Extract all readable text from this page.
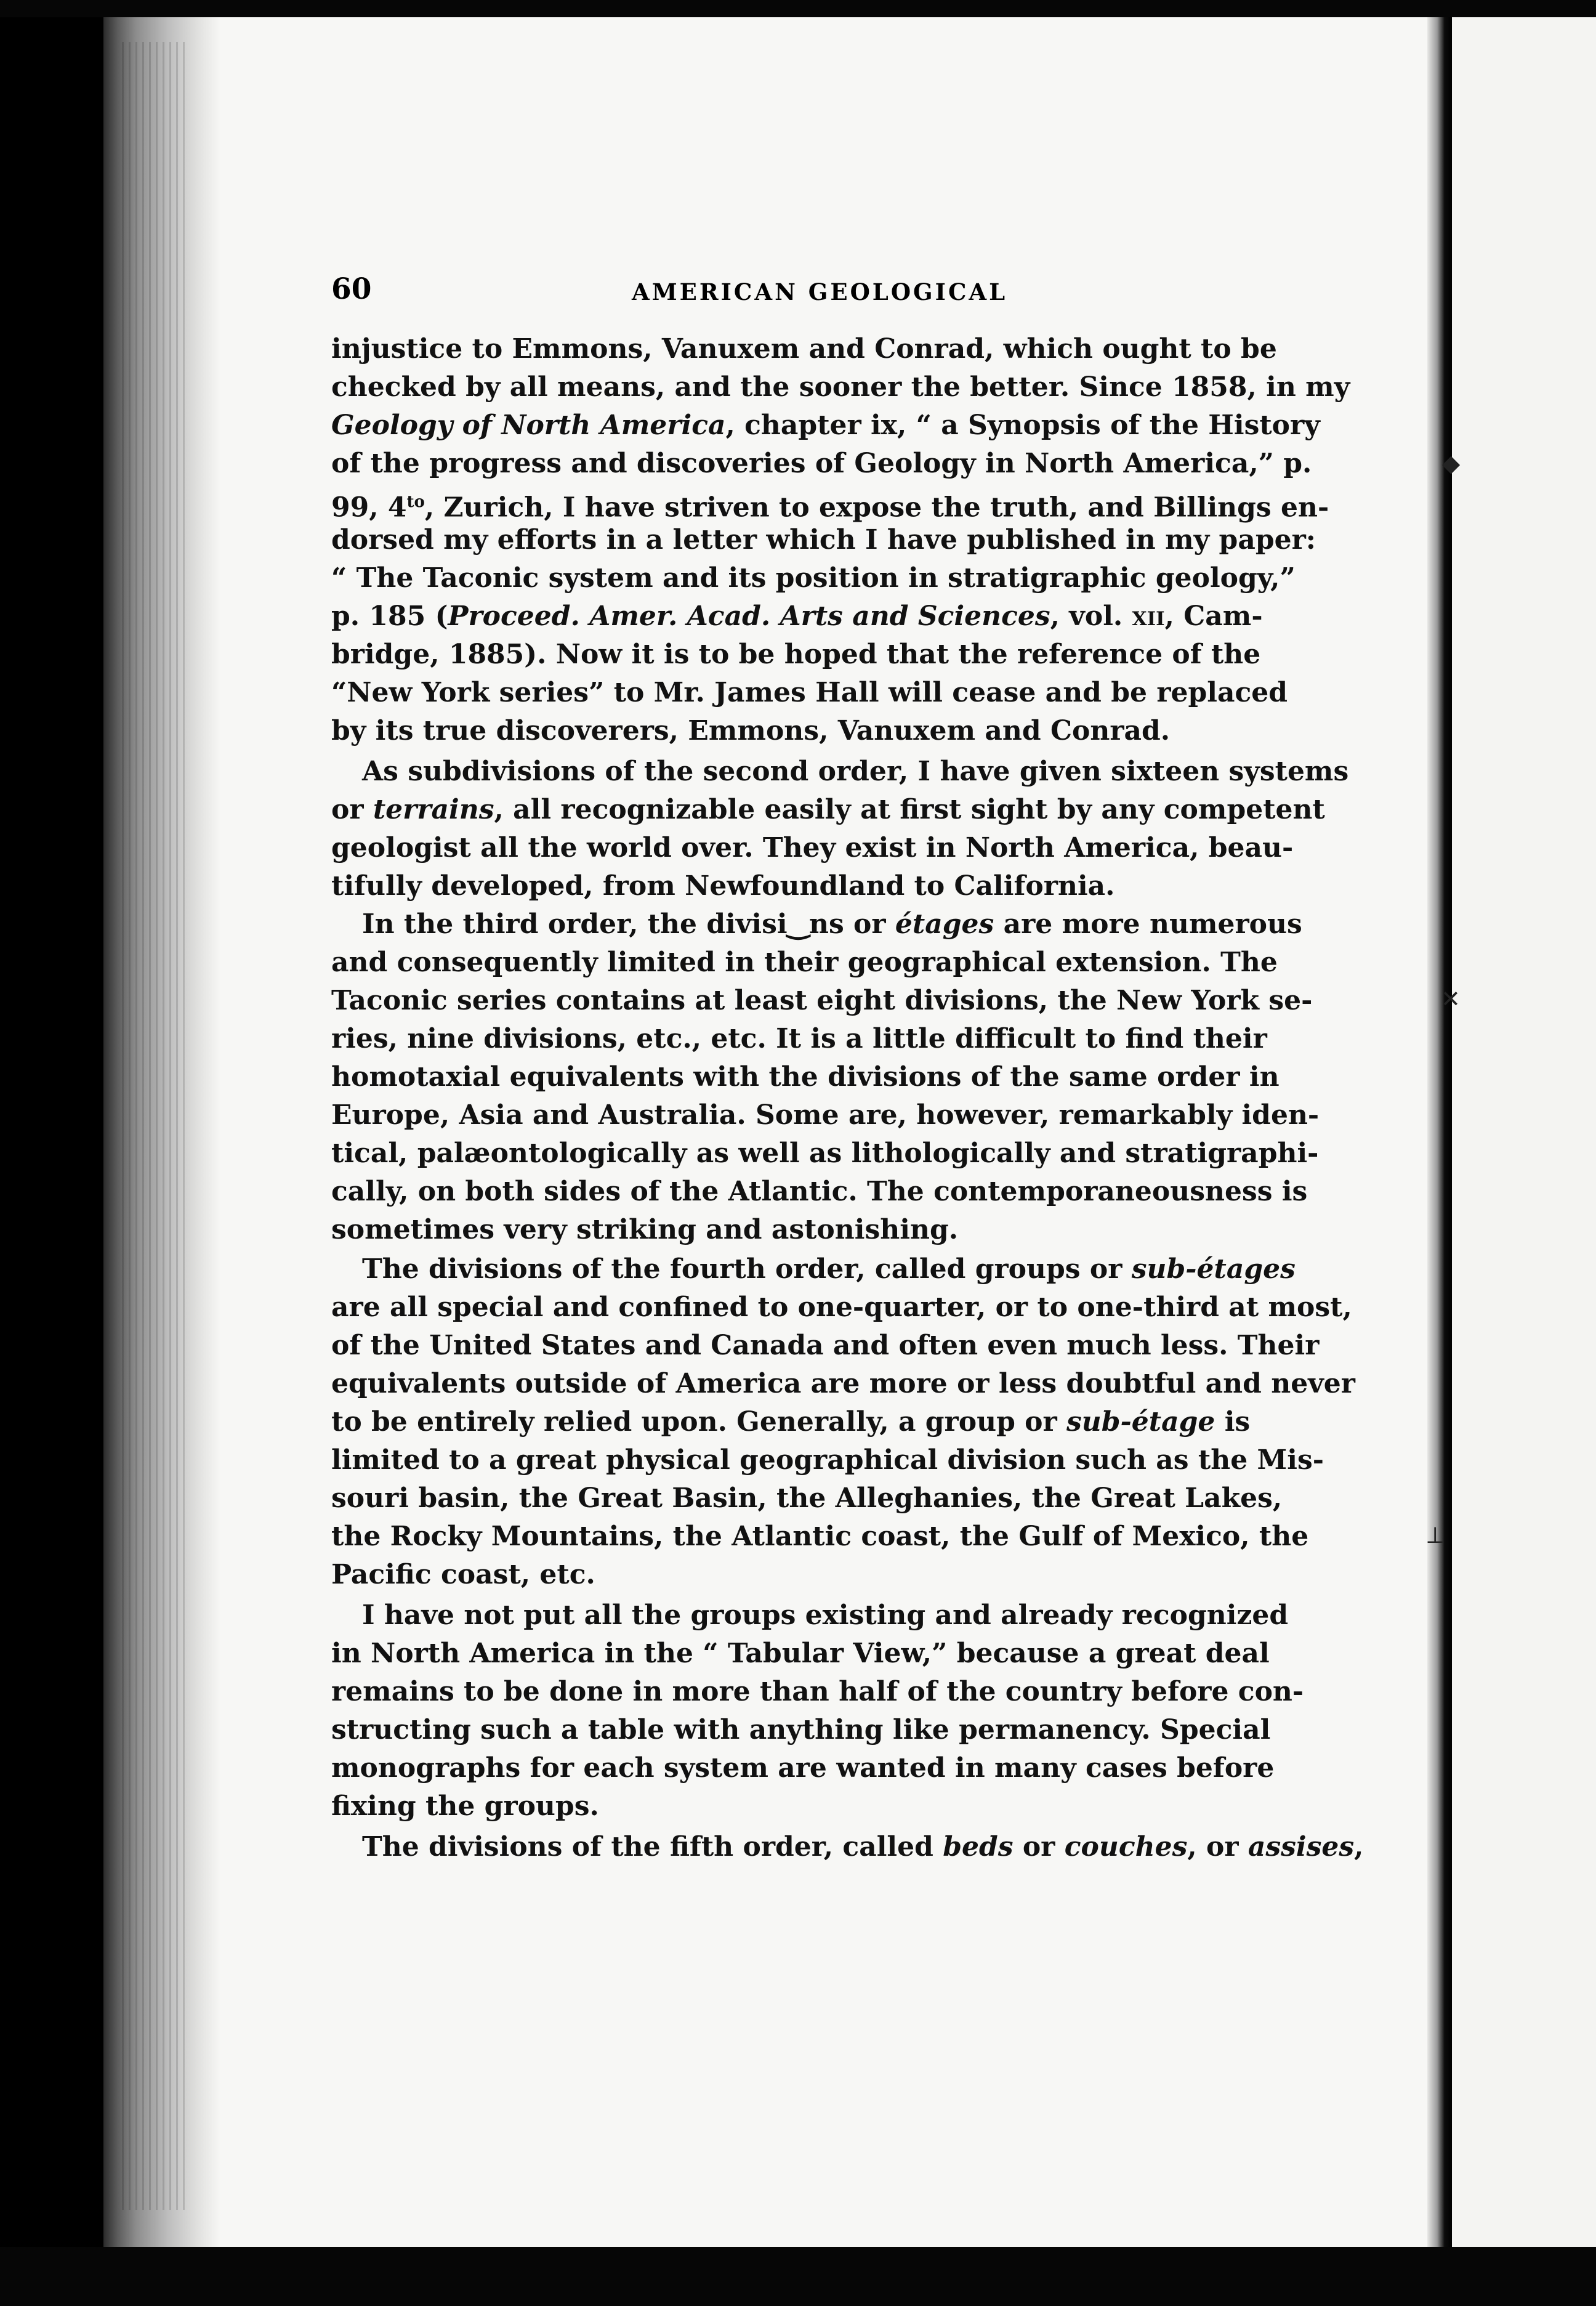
◆
✕
⟂
60	AMERICAN GEOLOGICAL
injustice to Emmons, Vanuxem and Conrad, which ought to be
checked by all means, and the sooner the better. Since 1858, in my
Geology of North America, chapter ix, “ a Synopsis of the History
of the progress and discoveries of Geology in North America,” p.
99, $4^{to}$, Zurich, I have striven to expose the truth, and Billings en-
dorsed my efforts in a letter which I have published in my paper:
“ The Taconic system and its position in stratigraphic geology,”
p. 185 (Proceed. Amer. Acad. Arts and Sciences, vol. xii, Cam-
bridge, 1885). Now it is to be hoped that the reference of the
“New York series” to Mr. James Hall will cease and be replaced
by its true discoverers, Emmons, Vanuxem and Conrad.
As subdivisions of the second order, I have given sixteen systems
or terrains, all recognizable easily at first sight by any competent
geologist all the world over. They exist in North America, beau-
tifully developed, from Newfoundland to California.
In the third order, the divisi‿ns or étages are more numerous
and consequently limited in their geographical extension. The
Taconic series contains at least eight divisions, the New York se-
ries, nine divisions, etc., etc. It is a little difficult to find their
homotaxial equivalents with the divisions of the same order in
Europe, Asia and Australia. Some are, however, remarkably iden-
tical, palæontologically as well as lithologically and stratigraphi-
cally, on both sides of the Atlantic. The contemporaneousness is
sometimes very striking and astonishing.
The divisions of the fourth order, called groups or sub-étages
are all special and confined to one-quarter, or to one-third at most,
of the United States and Canada and often even much less. Their
equivalents outside of America are more or less doubtful and never
to be entirely relied upon. Generally, a group or sub-étage is
limited to a great physical geographical division such as the Mis-
souri basin, the Great Basin, the Alleghanies, the Great Lakes,
the Rocky Mountains, the Atlantic coast, the Gulf of Mexico, the
Pacific coast, etc.
I have not put all the groups existing and already recognized
in North America in the “ Tabular View,” because a great deal
remains to be done in more than half of the country before con-
structing such a table with anything like permanency. Special
monographs for each system are wanted in many cases before
fixing the groups.
The divisions of the fifth order, called beds or couches, or assises
